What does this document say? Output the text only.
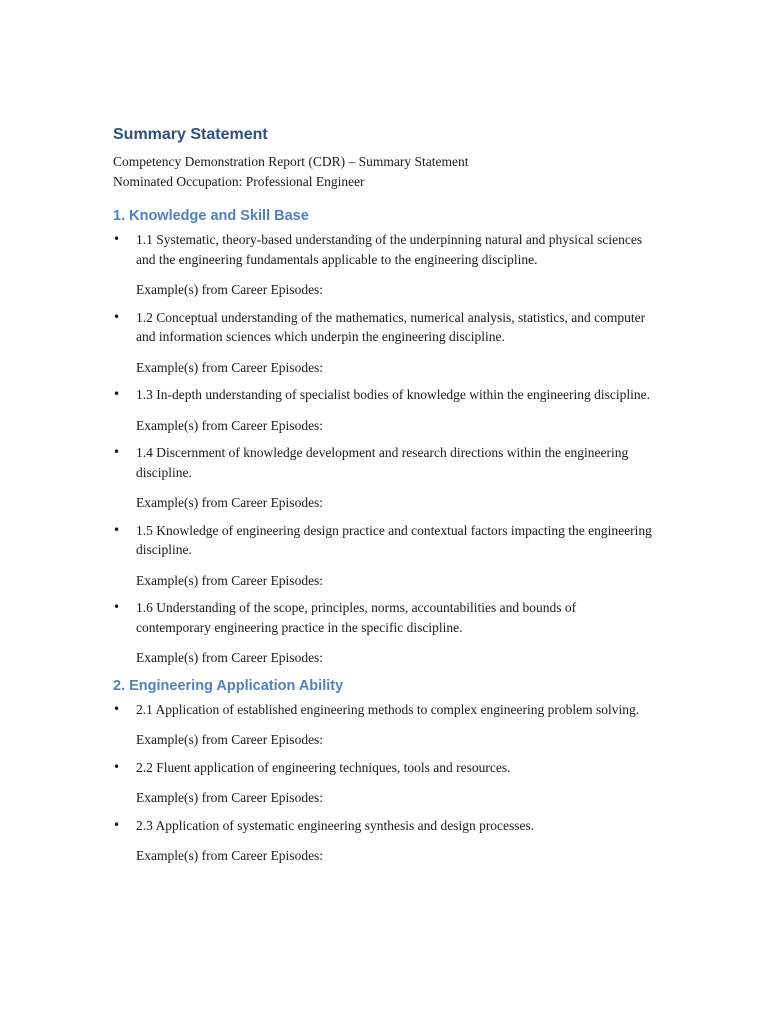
Summary Statement
Competency Demonstration Report (CDR) – Summary Statement
Nominated Occupation: Professional Engineer
1. Knowledge and Skill Base
• 1.1 Systematic, theory-based understanding of the underpinning natural and physical sciences and the engineering fundamentals applicable to the engineering discipline.
Example(s) from Career Episodes:
• 1.2 Conceptual understanding of the mathematics, numerical analysis, statistics, and computer and information sciences which underpin the engineering discipline.
Example(s) from Career Episodes:
• 1.3 In-depth understanding of specialist bodies of knowledge within the engineering discipline.
Example(s) from Career Episodes:
• 1.4 Discernment of knowledge development and research directions within the engineering discipline.
Example(s) from Career Episodes:
• 1.5 Knowledge of engineering design practice and contextual factors impacting the engineering discipline.
Example(s) from Career Episodes:
• 1.6 Understanding of the scope, principles, norms, accountabilities and bounds of contemporary engineering practice in the specific discipline.
Example(s) from Career Episodes:
2. Engineering Application Ability
• 2.1 Application of established engineering methods to complex engineering problem solving.
Example(s) from Career Episodes:
• 2.2 Fluent application of engineering techniques, tools and resources.
Example(s) from Career Episodes:
• 2.3 Application of systematic engineering synthesis and design processes.
Example(s) from Career Episodes:
